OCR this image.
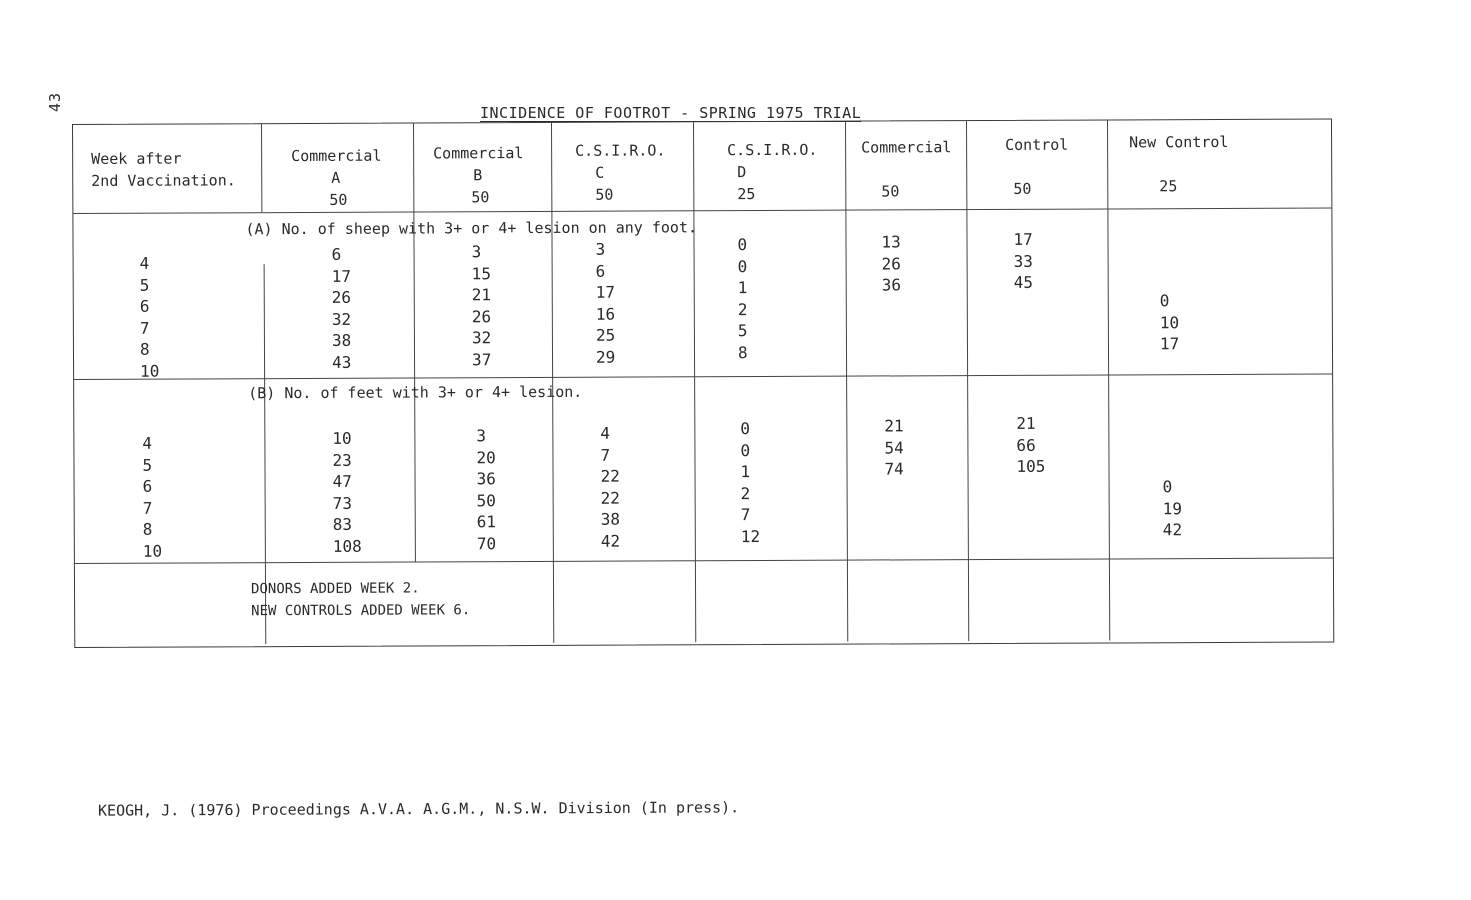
43
INCIDENCE OF FOOTROT - SPRING 1975 TRIAL
Week after
2nd Vaccination.
Commercial
A
50
Commercial
B
50
C.S.I.R.O.
C
50
C.S.I.R.O.
D
25
Commercial
50
Control
50
New Control
25
(A) No. of sheep with 3+ or 4+ lesion on any foot.
4
5
6
7
8
10
6
17
26
32
38
43
3
15
21
26
32
37
3
6
17
16
25
29
0
0
1
2
5
8
13
26
36
17
33
45
0
10
17
(B) No. of feet with 3+ or 4+ lesion.
4
5
6
7
8
10
10
23
47
73
83
108
3
20
36
50
61
70
4
7
22
22
38
42
0
0
1
2
7
12
21
54
74
21
66
105
0
19
42
DONORS ADDED WEEK 2.
NEW CONTROLS ADDED WEEK 6.
KEOGH, J. (1976) Proceedings A.V.A. A.G.M., N.S.W. Division (In press).
